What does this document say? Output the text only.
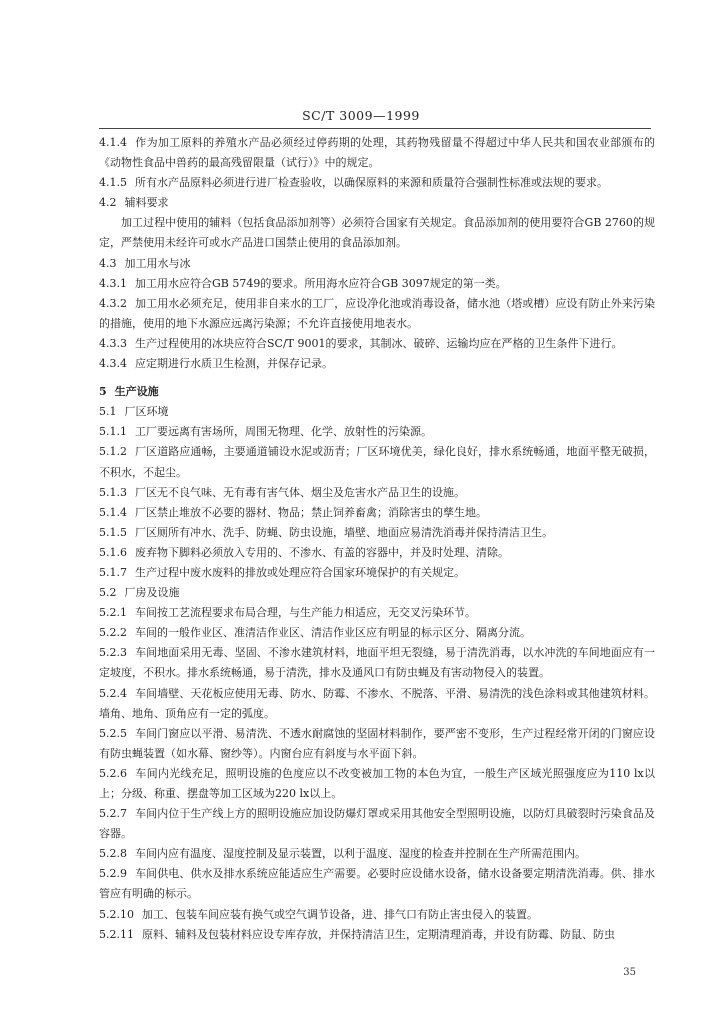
SC/T 3009—1999

4.1.4 作为加工原料的养殖水产品必须经过停药期的处理，其药物残留量不得超过中华人民共和国农业部颁布的《动物性食品中兽药的最高残留限量（试行）》中的规定。

4.1.5 所有水产品原料必须进行进厂检查验收，以确保原料的来源和质量符合强制性标准或法规的要求。

4.2 辅料要求

加工过程中使用的辅料（包括食品添加剂等）必须符合国家有关规定。食品添加剂的使用要符合GB 2760的规定，严禁使用未经许可或水产品进口国禁止使用的食品添加剂。

4.3 加工用水与冰

4.3.1 加工用水应符合GB 5749的要求。所用海水应符合GB 3097规定的第一类。

4.3.2 加工用水必须充足，使用非自来水的工厂，应设净化池或消毒设备，储水池（塔或槽）应设有防止外来污染的措施，使用的地下水源应远离污染源；不允许直接使用地表水。

4.3.3 生产过程使用的冰块应符合SC/T 9001的要求，其制冰、破碎、运输均应在严格的卫生条件下进行。

4.3.4 应定期进行水质卫生检测，并保存记录。

5 生产设施

5.1 厂区环境

5.1.1 工厂要远离有害场所，周围无物理、化学、放射性的污染源。

5.1.2 厂区道路应通畅，主要通道铺设水泥或沥青；厂区环境优美，绿化良好，排水系统畅通，地面平整无破损，不积水，不起尘。

5.1.3 厂区无不良气味、无有毒有害气体、烟尘及危害水产品卫生的设施。

5.1.4 厂区禁止堆放不必要的器材、物品；禁止饲养畜禽；消除害虫的孳生地。

5.1.5 厂区厕所有冲水、洗手、防蝇、防虫设施，墙壁、地面应易清洗消毒并保持清洁卫生。

5.1.6 废弃物下脚料必须放入专用的、不渗水、有盖的容器中，并及时处理、清除。

5.1.7 生产过程中废水废料的排放或处理应符合国家环境保护的有关规定。

5.2 厂房及设施

5.2.1 车间按工艺流程要求布局合理，与生产能力相适应，无交叉污染环节。

5.2.2 车间的一般作业区、准清洁作业区、清洁作业区应有明显的标示区分、隔离分流。

5.2.3 车间地面采用无毒、坚固、不渗水建筑材料，地面平坦无裂缝，易于清洗消毒，以水冲洗的车间地面应有一定坡度，不积水。排水系统畅通，易于清洗，排水及通风口有防虫蝇及有害动物侵入的装置。

5.2.4 车间墙壁、天花板应使用无毒、防水、防霉、不渗水、不脱落、平滑、易清洗的浅色涂料或其他建筑材料。墙角、地角、顶角应有一定的弧度。

5.2.5 车间门窗应以平滑、易清洗、不透水耐腐蚀的坚固材料制作，要严密不变形，生产过程经常开闭的门窗应设有防虫蝇装置（如水幕、窗纱等）。内窗台应有斜度与水平面下斜。

5.2.6 车间内光线充足，照明设施的色度应以不改变被加工物的本色为宜，一般生产区域光照强度应为110 lx以上；分级、称重、摆盘等加工区域为220 lx以上。

5.2.7 车间内位于生产线上方的照明设施应加设防爆灯罩或采用其他安全型照明设施，以防灯具破裂时污染食品及容器。

5.2.8 车间内应有温度、湿度控制及显示装置，以利于温度、湿度的检查并控制在生产所需范围内。

5.2.9 车间供电、供水及排水系统应能适应生产需要。必要时应设储水设备，储水设备要定期清洗消毒。供、排水管应有明确的标示。

5.2.10 加工、包装车间应装有换气或空气调节设备，进、排气口有防止害虫侵入的装置。

5.2.11 原料、辅料及包装材料应设专库存放，并保持清洁卫生，定期清理消毒，并设有防霉、防鼠、防虫

35
